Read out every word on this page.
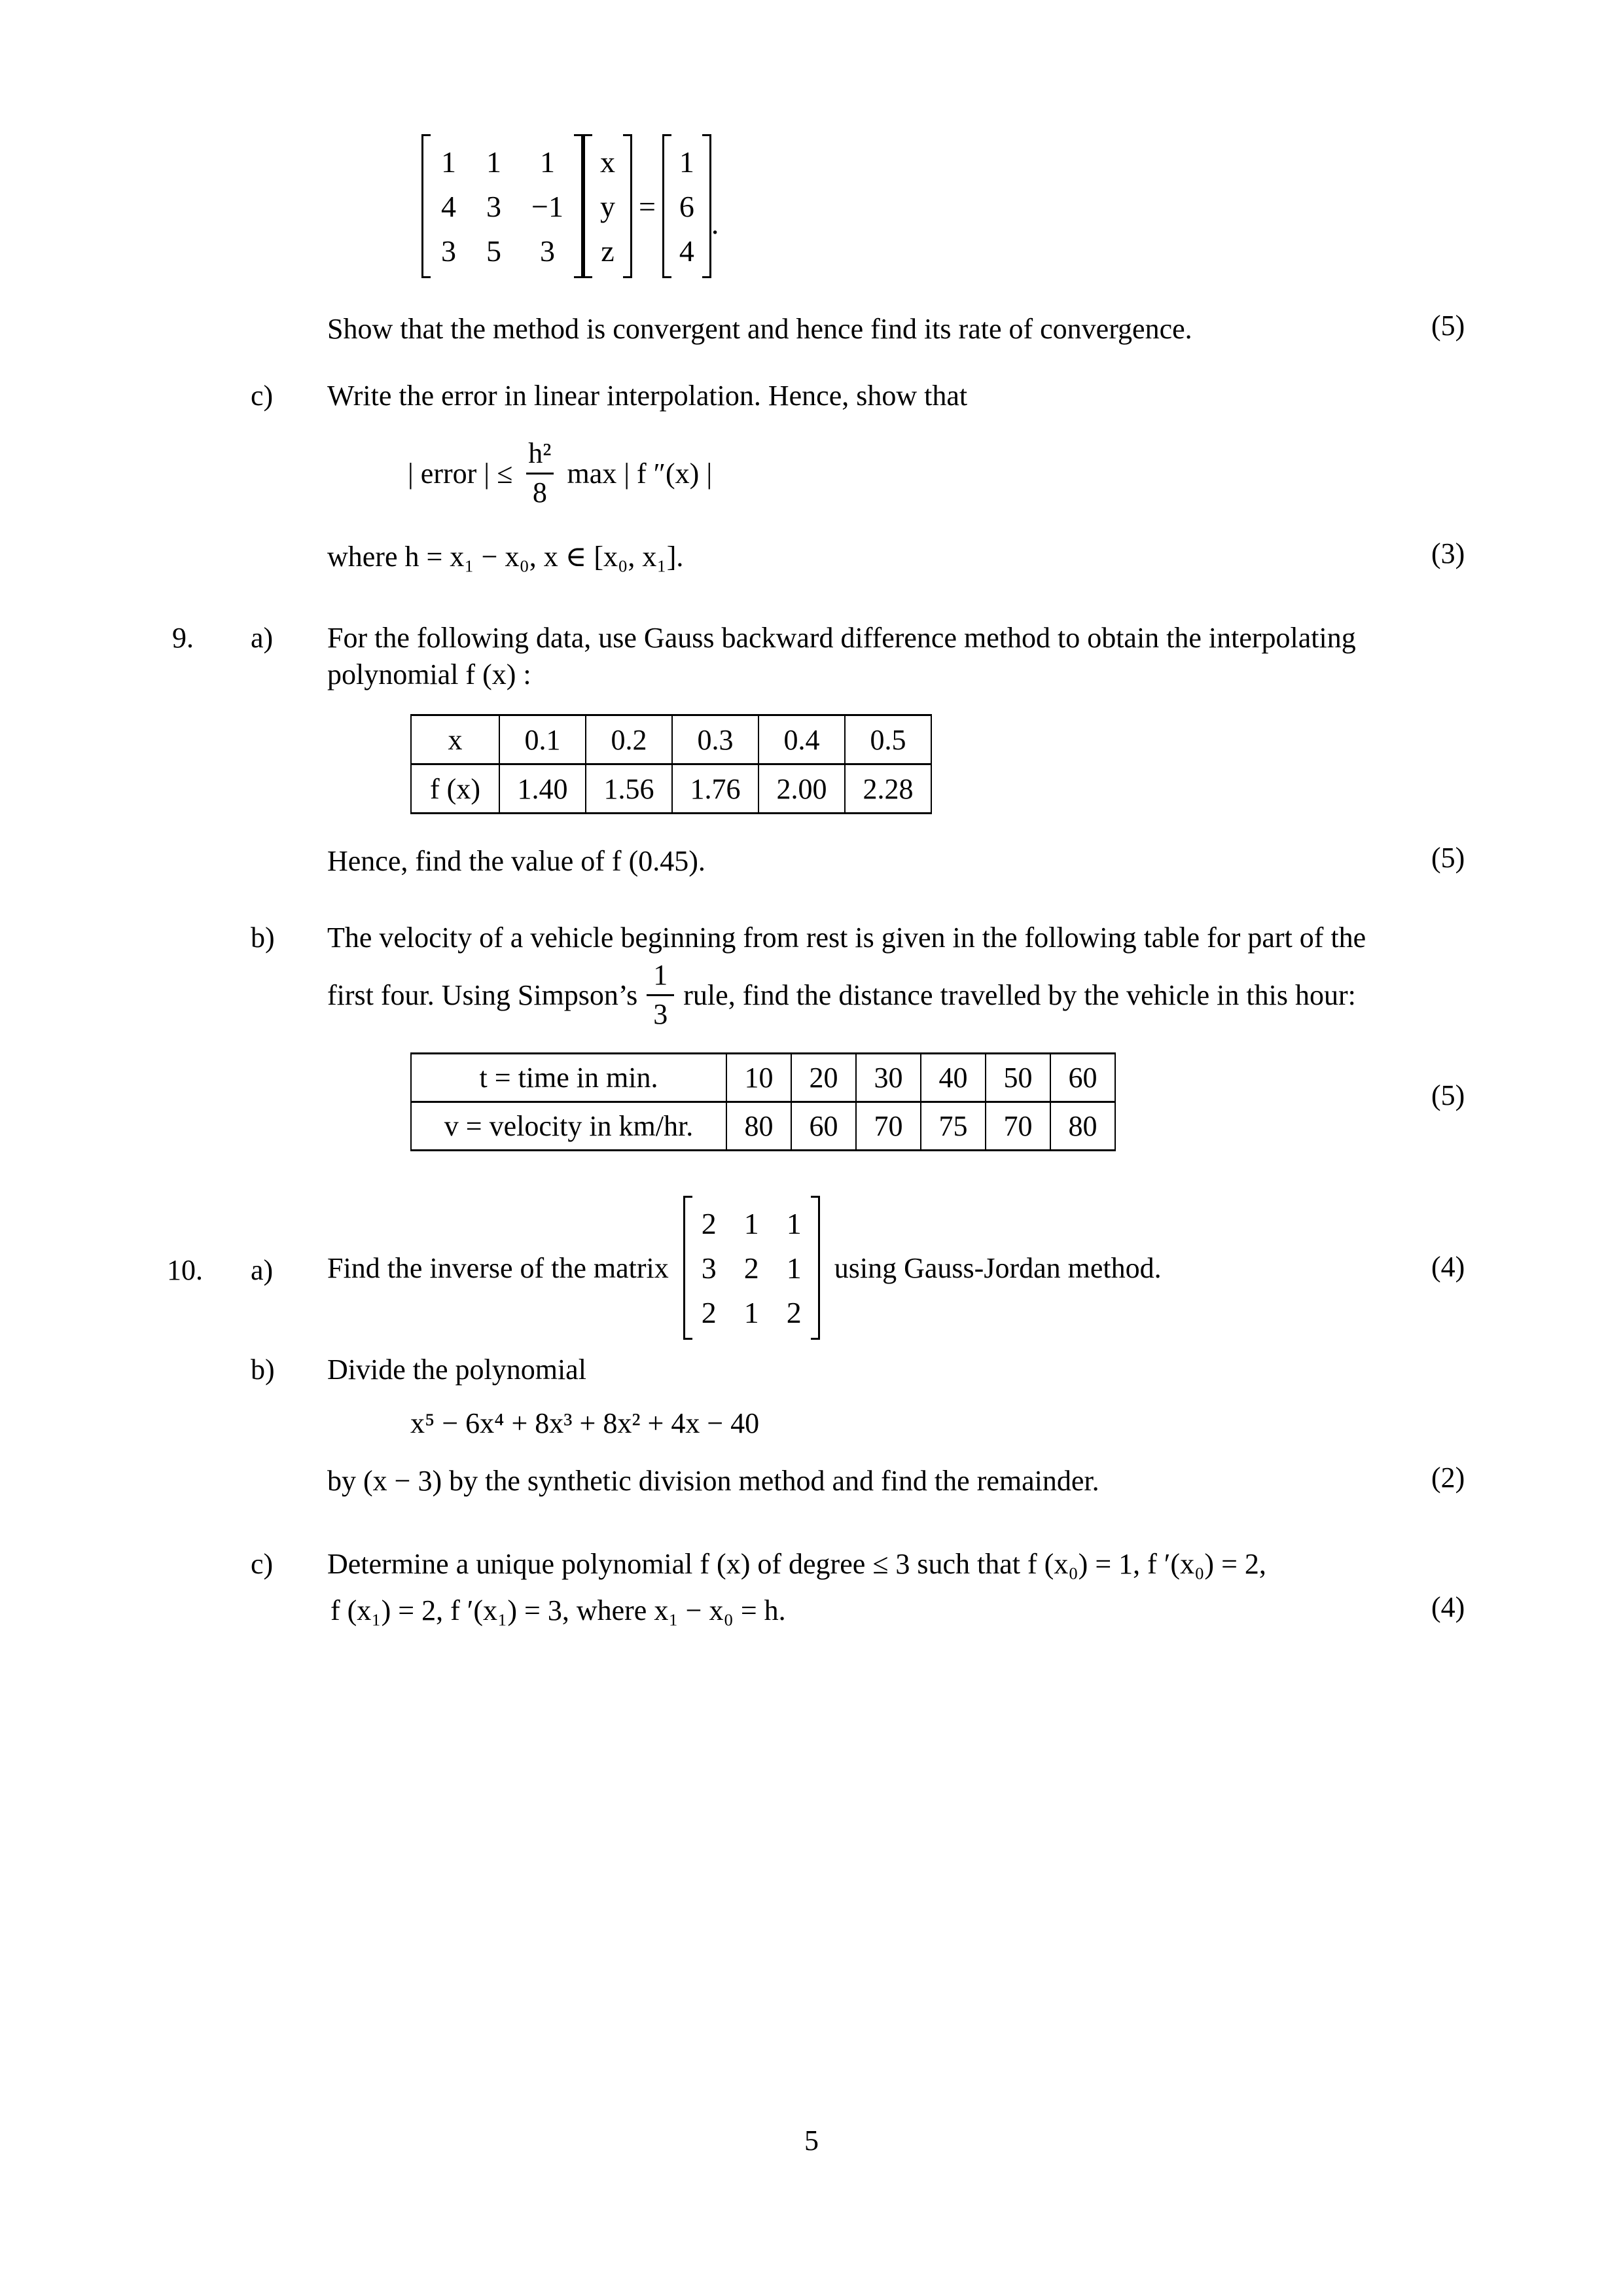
1 1 1
4 3 −1
3 5 3
x
y
z
=
1
6
4
.
Show that the method is convergent and hence find its rate of convergence.	(5)
c) Write the error in linear interpolation. Hence, show that
| error | ≤ $\frac{\text{h²}}{8}$ max | f ″(x) |
where h = x₁ − x₀, x ∈ [x₀, x₁].	(3)
9. a) For the following data, use Gauss backward difference method to obtain the interpolating
polynomial f (x) :
x	0.1	0.2	0.3	0.4	0.5
f (x)	1.40	1.56	1.76	2.00	2.28
Hence, find the value of f (0.45).	(5)
b) The velocity of a vehicle beginning from rest is given in the following table for part of the
first four. Using Simpson’s $\frac{1}{3}$ rule, find the distance travelled by the vehicle in this hour:
t = time in min.	10	20	30	40	50	60
v = velocity in km/hr.	80	60	70	75	70	80
(5)
10. a) Find the inverse of the matrix
2 1 1
3 2 1
2 1 2
using Gauss-Jordan method.	(4)
b) Divide the polynomial
x⁵ − 6x⁴ + 8x³ + 8x² + 4x − 40
by (x − 3) by the synthetic division method and find the remainder.	(2)
c) Determine a unique polynomial f (x) of degree ≤ 3 such that f (x₀) = 1, f ′(x₀) = 2,
f (x₁) = 2, f ′(x₁) = 3, where x₁ − x₀ = h.	(4)
5
